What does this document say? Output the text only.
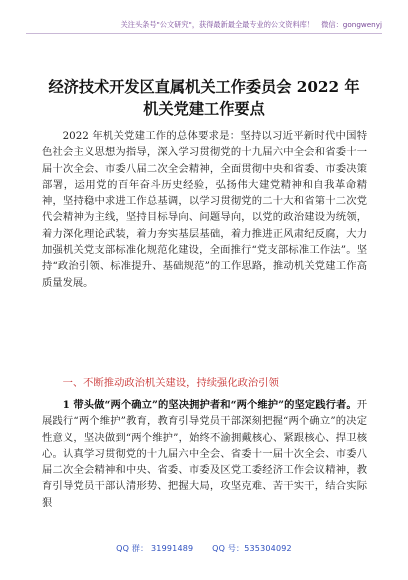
关注头条号"公文研究"，获得最新最全最专业的公文资料库！　微信：gongwenyj
经济技术开发区直属机关工作委员会 2022 年
机关党建工作要点

2022 年机关党建工作的总体要求是：坚持以习近平新时代中国特色社会主义思想为指导，深入学习贯彻党的十九届六中全会和省委十一届十次全会、市委八届二次全会精神，全面贯彻中央和省委、市委决策部署，运用党的百年奋斗历史经验，弘扬伟大建党精神和自我革命精神，坚持稳中求进工作总基调，以学习贯彻党的二十大和省第十二次党代会精神为主线，坚持目标导向、问题导向，以党的政治建设为统领，着力深化理论武装，着力夯实基层基础，着力推进正风肃纪反腐，大力加强机关党支部标准化规范化建设，全面推行“党支部标准工作法”。坚持“政治引领、标准提升、基础规范”的工作思路，推动机关党建工作高质量发展。

一、不断推动政治机关建设，持续强化政治引领

1 带头做“两个确立”的坚决拥护者和“两个维护”的坚定践行者。开展践行“两个维护”教育，教育引导党员干部深刻把握“两个确立”的决定性意义，坚决做到“两个维护”，始终不渝拥戴核心、紧跟核心、捍卫核心。认真学习贯彻党的十九届六中全会、省委十一届十次全会、市委八届二次全会精神和中央、省委、市委及区党工委经济工作会议精神，教育引导党员干部认清形势、把握大局，攻坚克难、苦干实干，结合实际狠

QQ 群： 31991489 QQ 号：535304092
